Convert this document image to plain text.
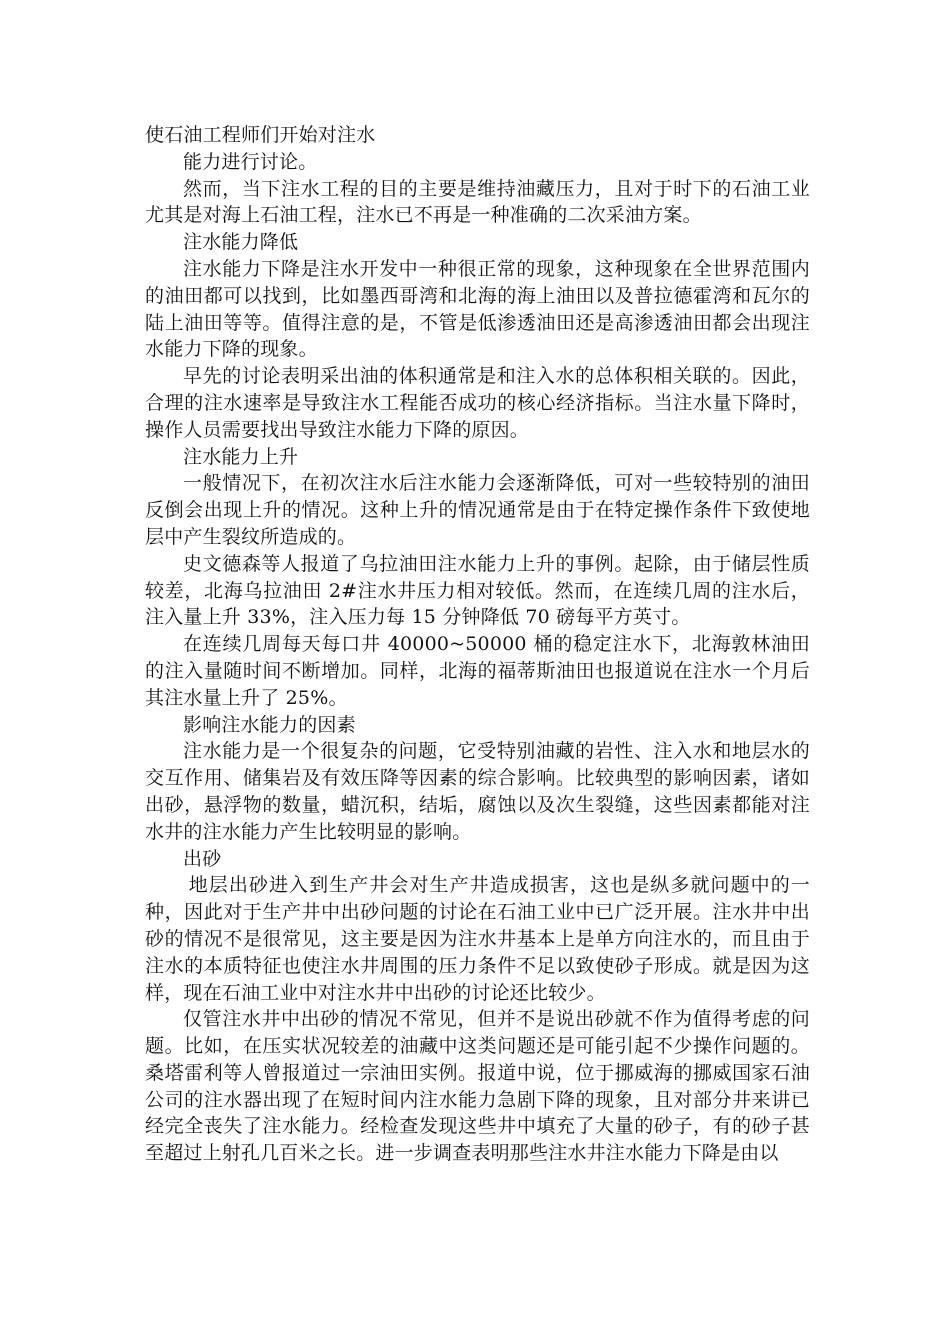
使石油工程师们开始对注水

能力进行讨论。

然而，当下注水工程的目的主要是维持油藏压力，且对于时下的石油工业尤其是对海上石油工程，注水已不再是一种准确的二次采油方案。

注水能力降低

注水能力下降是注水开发中一种很正常的现象，这种现象在全世界范围内的油田都可以找到，比如墨西哥湾和北海的海上油田以及普拉德霍湾和瓦尔的陆上油田等等。值得注意的是，不管是低渗透油田还是高渗透油田都会出现注水能力下降的现象。

早先的讨论表明采出油的体积通常是和注入水的总体积相关联的。因此，合理的注水速率是导致注水工程能否成功的核心经济指标。当注水量下降时，操作人员需要找出导致注水能力下降的原因。

注水能力上升

一般情况下，在初次注水后注水能力会逐渐降低，可对一些较特别的油田反倒会出现上升的情况。这种上升的情况通常是由于在特定操作条件下致使地层中产生裂纹所造成的。

史文德森等人报道了乌拉油田注水能力上升的事例。起除，由于储层性质较差，北海乌拉油田 2#注水井压力相对较低。然而，在连续几周的注水后，注入量上升 33%，注入压力每 15 分钟降低 70 磅每平方英寸。

在连续几周每天每口井 40000~50000 桶的稳定注水下，北海敦林油田的注入量随时间不断增加。同样，北海的福蒂斯油田也报道说在注水一个月后其注水量上升了 25%。

影响注水能力的因素

注水能力是一个很复杂的问题，它受特别油藏的岩性、注入水和地层水的交互作用、储集岩及有效压降等因素的综合影响。比较典型的影响因素，诸如出砂，悬浮物的数量，蜡沉积，结垢，腐蚀以及次生裂缝，这些因素都能对注水井的注水能力产生比较明显的影响。

出砂

地层出砂进入到生产井会对生产井造成损害，这也是纵多就问题中的一种，因此对于生产井中出砂问题的讨论在石油工业中已广泛开展。注水井中出砂的情况不是很常见，这主要是因为注水井基本上是单方向注水的，而且由于注水的本质特征也使注水井周围的压力条件不足以致使砂子形成。就是因为这样，现在石油工业中对注水井中出砂的讨论还比较少。

仅管注水井中出砂的情况不常见，但并不是说出砂就不作为值得考虑的问题。比如，在压实状况较差的油藏中这类问题还是可能引起不少操作问题的。 桑塔雷利等人曾报道过一宗油田实例。报道中说，位于挪威海的挪威国家石油公司的注水器出现了在短时间内注水能力急剧下降的现象，且对部分井来讲已经完全丧失了注水能力。经检查发现这些井中填充了大量的砂子，有的砂子甚至超过上射孔几百米之长。进一步调查表明那些注水井注水能力下降是由以
